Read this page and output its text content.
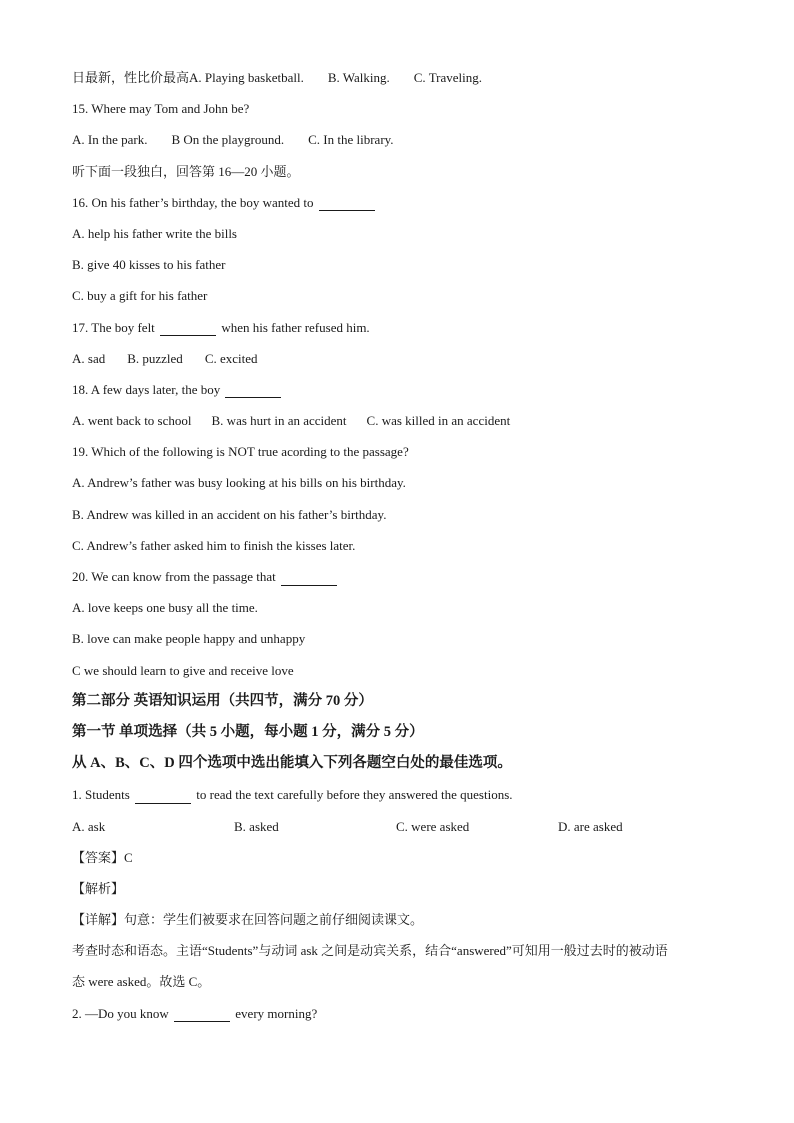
日最新，性比价最高 A. Playing basketball. B. Walking. C. Traveling.
15. Where may Tom and John be?
A. In the park. B On the playground. C. In the library.
听下面一段独白，回答第 16—20 小题。
16. On his father’s birthday, the boy wanted to
A. help his father write the bills
B. give 40 kisses to his father
C. buy a gift for his father
17. The boy felt	when his father refused him.
A. sad B. puzzled C. excited
18. A few days later, the boy
A. went back to school B. was hurt in an accident C. was killed in an accident
19. Which of the following is NOT true acording to the passage?
A. Andrew’s father was busy looking at his bills on his birthday.
B. Andrew was killed in an accident on his father’s birthday.
C. Andrew’s father asked him to finish the kisses later.
20. We can know from the passage that
A. love keeps one busy all the time.
B. love can make people happy and unhappy
C we should learn to give and receive love
第二部分 英语知识运用（共四节，满分 70 分）
第一节 单项选择（共 5 小题，每小题 1 分，满分 5 分）
从 A、B、C、D 四个选项中选出能填入下列各题空白处的最佳选项。
1. Students	to read the text carefully before they answered the questions.
A. ask	B. asked	C. were asked	D. are asked
【答案】C
【解析】
【详解】句意：学生们被要求在回答问题之前仔细阅读课文。
考查时态和语态。主语“Students”与动词 ask 之间是动宾关系，结合“answered”可知用一般过去时的被动语
态 were asked。故选 C。
2. —Do you know	every morning?
